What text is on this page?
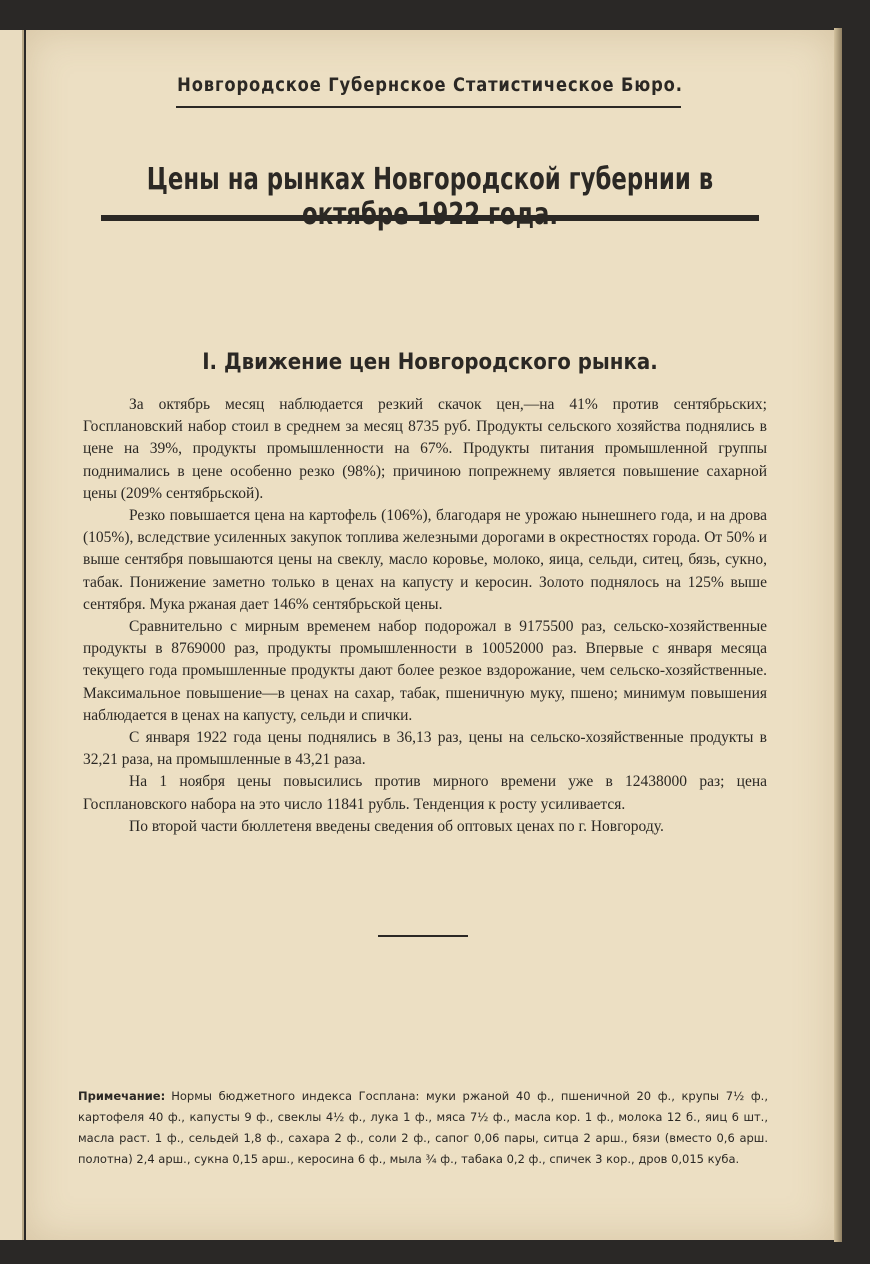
Новгородское Губернское Статистическое Бюро.
Цены на рынках Новгородской губернии в октябре 1922 года.
I. Движение цен Новгородского рынка.

За октябрь месяц наблюдается резкий скачок цен,—на 41% против сентябрьских; Госплановский набор стоил в среднем за месяц 8735 руб. Продукты сельского хозяйства поднялись в цене на 39%, продукты промышленности на 67%. Продукты питания промышленной группы поднимались в цене особенно резко (98%); причиною попрежнему является повышение сахарной цены (209% сентябрьской).

Резко повышается цена на картофель (106%), благодаря не урожаю нынешнего года, и на дрова (105%), вследствие усиленных закупок топлива железными дорогами в окрестностях города. От 50% и выше сентября повышаются цены на свеклу, масло коровье, молоко, яица, сельди, ситец, бязь, сукно, табак. Понижение заметно только в ценах на капусту и керосин. Золото поднялось на 125% выше сентября. Мука ржаная дает 146% сентябрьской цены.

Сравнительно с мирным временем набор подорожал в 9175500 раз, сельско-хозяйственные продукты в 8769000 раз, продукты промышленности в 10052000 раз. Впервые с января месяца текущего года промышленные продукты дают более резкое вздорожание, чем сельско-хозяйственные. Максимальное повышение—в ценах на сахар, табак, пшеничную муку, пшено; минимум повышения наблюдается в ценах на капусту, сельди и спички.

С января 1922 года цены поднялись в 36,13 раз, цены на сельско-хозяйственные продукты в 32,21 раза, на промышленные в 43,21 раза.

На 1 ноября цены повысились против мирного времени уже в 12438000 раз; цена Госплановского набора на это число 11841 рубль. Тенденция к росту усиливается.

По второй части бюллетеня введены сведения об оптовых ценах по г. Новгороду.

Примечание: Нормы бюджетного индекса Госплана: муки ржаной 40 ф., пшеничной 20 ф., крупы 7½ ф., картофеля 40 ф., капусты 9 ф., свеклы 4½ ф., лука 1 ф., мяса 7½ ф., масла кор. 1 ф., молока 12 б., яиц 6 шт., масла раст. 1 ф., сельдей 1,8 ф., сахара 2 ф., соли 2 ф., сапог 0,06 пары, ситца 2 арш., бязи (вместо 0,6 арш. полотна) 2,4 арш., сукна 0,15 арш., керосина 6 ф., мыла ¾ ф., табака 0,2 ф., спичек 3 кор., дров 0,015 куба.
